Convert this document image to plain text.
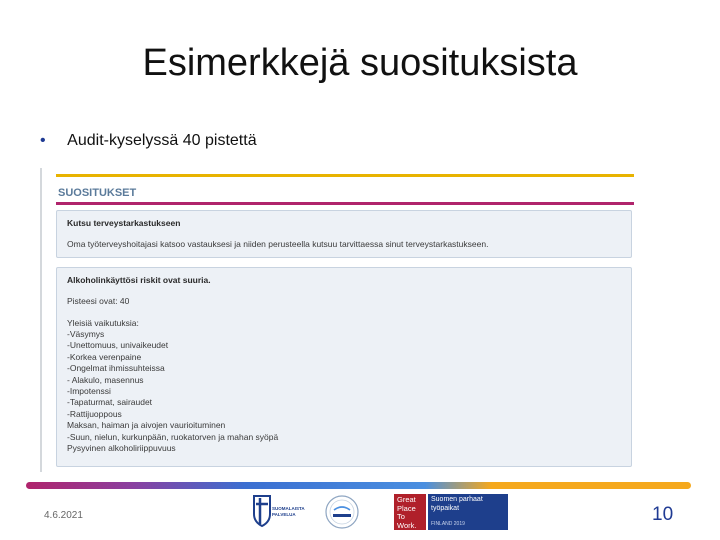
Esimerkkejä suosituksista
• Audit-kyselyssä 40 pistettä
SUOSITUKSET
Kutsu terveystarkastukseen
Oma työterveyshoitajasi katsoo vastauksesi ja niiden perusteella kutsuu tarvittaessa sinut terveystarkastukseen.
Alkoholinkäyttösi riskit ovat suuria.
Pisteesi ovat: 40
Yleisiä vaikutuksia:
-Väsymys
-Unettomuus, univaikeudet
-Korkea verenpaine
-Ongelmat ihmissuhteissa
- Alakulo, masennus
-Impotenssi
-Tapaturmat, sairaudet
-Rattijuoppous
Maksan, haiman ja aivojen vaurioituminen
-Suun, nielun, kurkunpään, ruokatorven ja mahan syöpä
Pysyvinen alkoholiriippuvuus
4.6.2021
SUOMALAISTA PALVELUA
Great
Place
To
Work.
Suomen parhaat
työpaikat
FINLAND 2019	10
